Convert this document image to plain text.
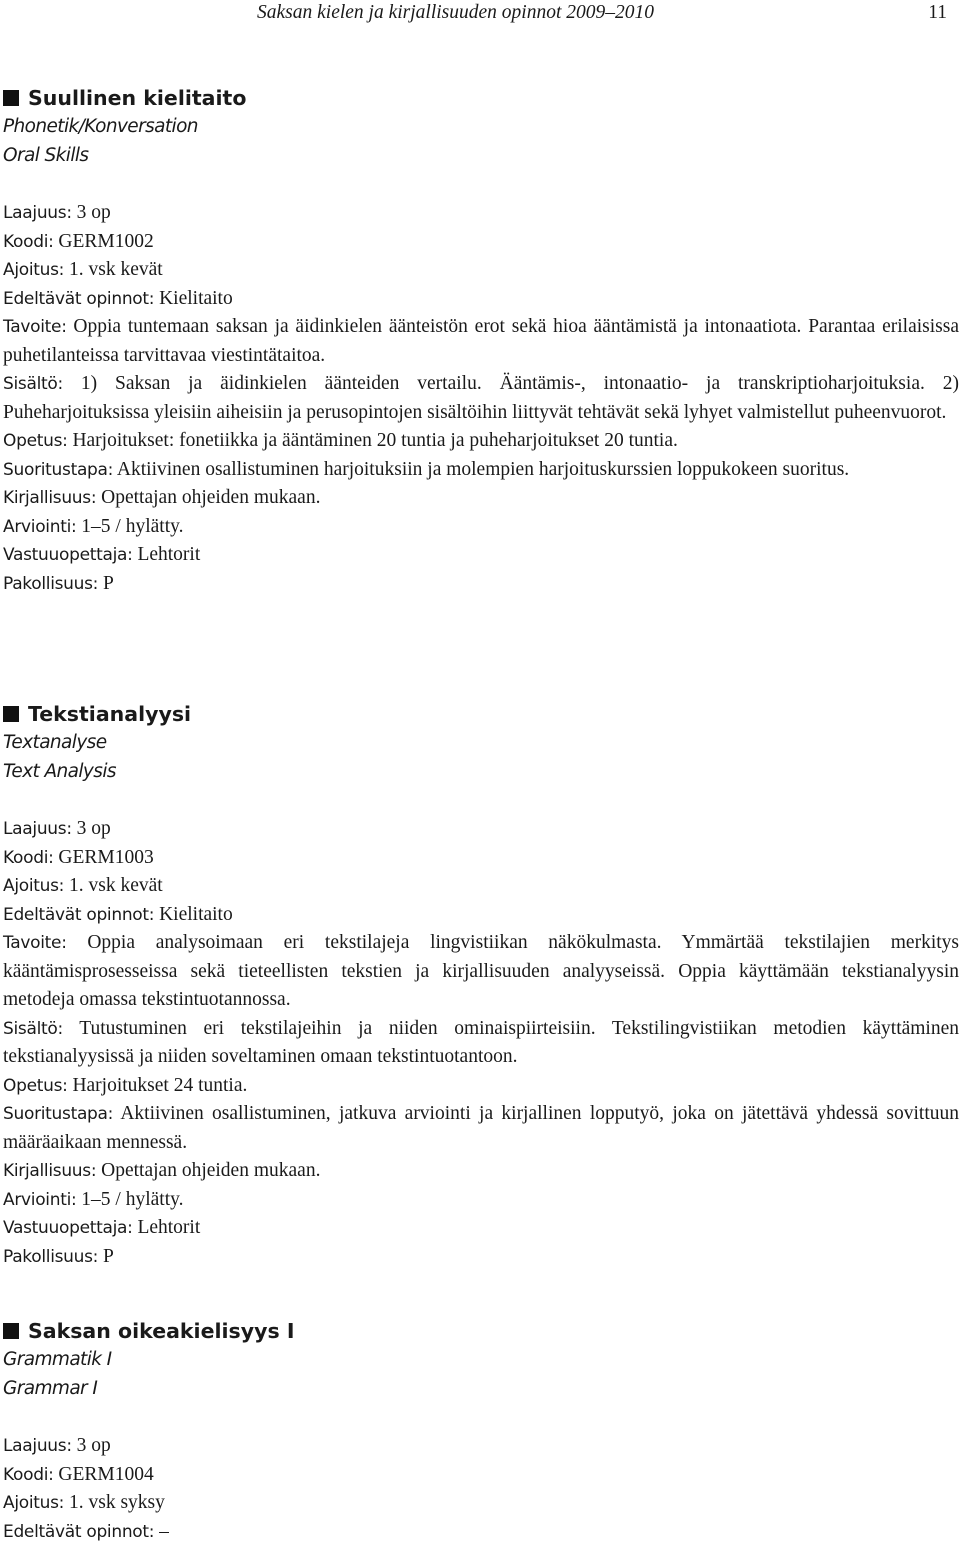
Saksan kielen ja kirjallisuuden opinnot 2009–2010	11
Suullinen kielitaito
Phonetik/Konversation
Oral Skills

Laajuus: 3 op

Koodi: GERM1002

Ajoitus: 1. vsk kevät

Edeltävät opinnot: Kielitaito

Tavoite: Oppia tuntemaan saksan ja äidinkielen äänteistön erot sekä hioa ääntämistä ja intonaatiota. Parantaa erilaisissa puhetilanteissa tarvittavaa viestintätaitoa.

Sisältö: 1) Saksan ja äidinkielen äänteiden vertailu. Ääntämis-, intonaatio- ja transkriptioharjoituksia. 2) Puheharjoituksissa yleisiin aiheisiin ja perusopintojen sisältöihin liittyvät tehtävät sekä lyhyet valmistellut puheenvuorot.

Opetus: Harjoitukset: fonetiikka ja ääntäminen 20 tuntia ja puheharjoitukset 20 tuntia.

Suoritustapa: Aktiivinen osallistuminen harjoituksiin ja molempien harjoituskurssien loppukokeen suoritus.

Kirjallisuus: Opettajan ohjeiden mukaan.

Arviointi: 1–5 / hylätty.

Vastuuopettaja: Lehtorit

Pakollisuus: P

Tekstianalyysi
Textanalyse
Text Analysis

Laajuus: 3 op

Koodi: GERM1003

Ajoitus: 1. vsk kevät

Edeltävät opinnot: Kielitaito

Tavoite: Oppia analysoimaan eri tekstilajeja lingvistiikan näkökulmasta. Ymmärtää tekstilajien merkitys kääntämisprosesseissa sekä tieteellisten tekstien ja kirjallisuuden analyyseissä. Oppia käyttämään tekstianalyysin metodeja omassa tekstintuotannossa.

Sisältö: Tutustuminen eri tekstilajeihin ja niiden ominaispiirteisiin. Tekstilingvistiikan metodien käyttäminen tekstianalyysissä ja niiden soveltaminen omaan tekstintuotantoon.

Opetus: Harjoitukset 24 tuntia.

Suoritustapa: Aktiivinen osallistuminen, jatkuva arviointi ja kirjallinen lopputyö, joka on jätettävä yhdessä sovittuun määräaikaan mennessä.

Kirjallisuus: Opettajan ohjeiden mukaan.

Arviointi: 1–5 / hylätty.

Vastuuopettaja: Lehtorit

Pakollisuus: P

Saksan oikeakielisyys I
Grammatik I
Grammar I

Laajuus: 3 op

Koodi: GERM1004

Ajoitus: 1. vsk syksy

Edeltävät opinnot: –
